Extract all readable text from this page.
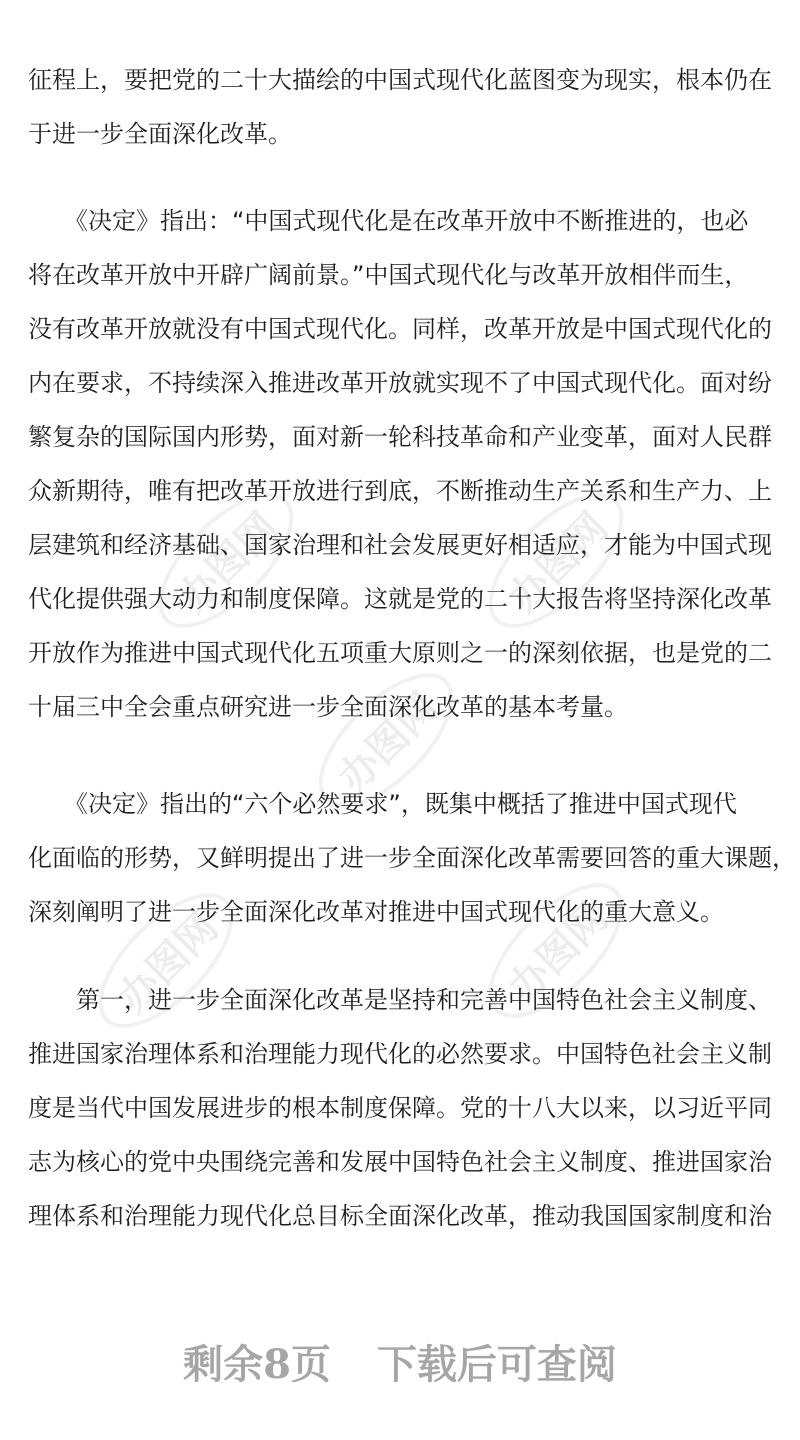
办图网	办图网
办图网
办图网	办图网
征程上，要把党的二十大描绘的中国式现代化蓝图变为现实，根本仍在
于进一步全面深化改革。
　　《决定》指出：“中国式现代化是在改革开放中不断推进的，也必
将在改革开放中开辟广阔前景。”中国式现代化与改革开放相伴而生，
没有改革开放就没有中国式现代化。同样，改革开放是中国式现代化的
内在要求，不持续深入推进改革开放就实现不了中国式现代化。面对纷
繁复杂的国际国内形势，面对新一轮科技革命和产业变革，面对人民群
众新期待，唯有把改革开放进行到底，不断推动生产关系和生产力、上
层建筑和经济基础、国家治理和社会发展更好相适应，才能为中国式现
代化提供强大动力和制度保障。这就是党的二十大报告将坚持深化改革
开放作为推进中国式现代化五项重大原则之一的深刻依据，也是党的二
十届三中全会重点研究进一步全面深化改革的基本考量。
　　《决定》指出的“六个必然要求”，既集中概括了推进中国式现代
化面临的形势，又鲜明提出了进一步全面深化改革需要回答的重大课题，
深刻阐明了进一步全面深化改革对推进中国式现代化的重大意义。
　　第一，进一步全面深化改革是坚持和完善中国特色社会主义制度、
推进国家治理体系和治理能力现代化的必然要求。中国特色社会主义制
度是当代中国发展进步的根本制度保障。党的十八大以来，以习近平同
志为核心的党中央围绕完善和发展中国特色社会主义制度、推进国家治
理体系和治理能力现代化总目标全面深化改革，推动我国国家制度和治
剩余8页 下载后可查阅
